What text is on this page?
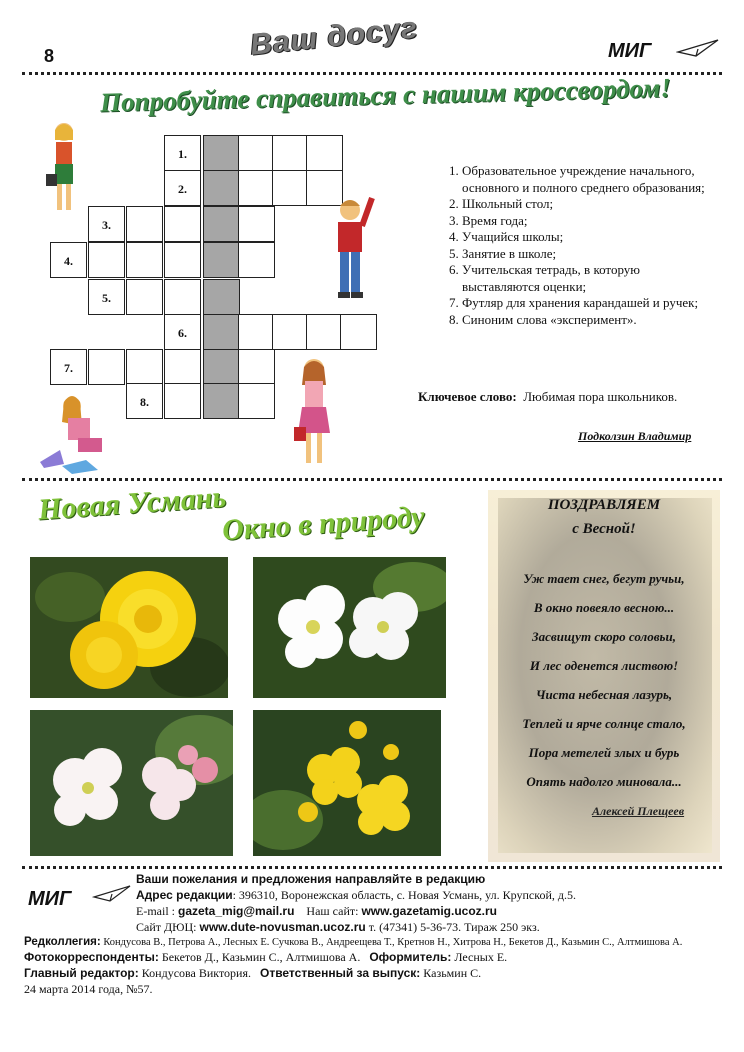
8	Ваш досуг	МИГ
Попробуйте справиться с нашим кроссвордом!
1.
2.
3.
4.
5.
6.
7.
8.
1. Образовательное учреждение начального, основного и полного среднего образования;
2. Школьный стол;
3. Время года;
4. Учащийся школы;
5. Занятие в школе;
6. Учительская тетрадь, в которую выставляются оценки;
7. Футляр для хранения карандашей и ручек;
8. Синоним слова «эксперимент».
Ключевое слово: Любимая пора школьников.
Подколзин Владимир
Новая Усмань
Окно в природу	ПОЗДРАВЛЯЕМ
с Весной!
Уж тает снег, бегут ручьи,
В окно повеяло весною...
Засвищут скоро соловьи,
И лес оденется листвою!
Чиста небесная лазурь,
Теплей и ярче солнце стало,
Пора метелей злых и бурь
Опять надолго миновала...
Алексей Плещеев
МИГ
Ваши пожелания и предложения направляйте в редакцию
Адрес редакции: 396310, Воронежская область, с. Новая Усмань, ул. Крупской, д.5.
E-mail : gazeta_mig@mail.ru Наш сайт: www.gazetamig.ucoz.ru
Сайт ДЮЦ: www.dute-novusman.ucoz.ru т. (47341) 5-36-73. Тираж 250 экз.
Редколлегия: Кондусова В., Петрова А., Лесных Е. Сучкова В., Андреещева Т., Кретнов Н., Хитрова Н., Бекетов Д., Казьмин С., Алтмишова А.
Фотокорреспонденты: Бекетов Д., Казьмин С., Алтмишова А. Оформитель: Лесных Е.
Главный редактор: Кондусова Виктория. Ответственный за выпуск: Казьмин С.
24 марта 2014 года, №57.
